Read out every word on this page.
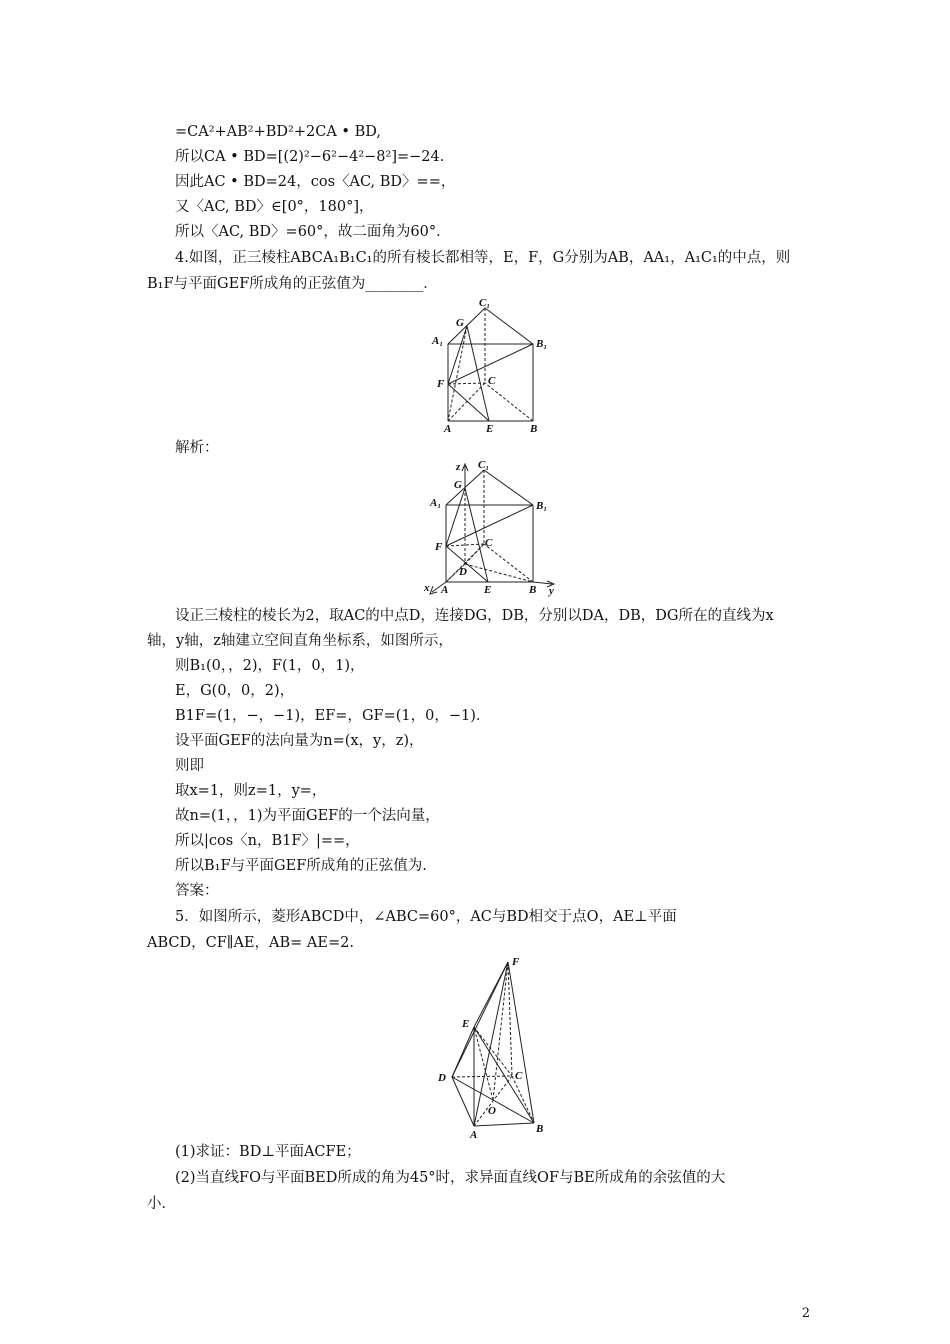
=CA²+AB²+BD²+2CA • BD,
所以CA • BD=[(2)²−6²−4²−8²]=−24.
因此AC • BD=24，cos〈AC, BD〉==，
又〈AC, BD〉∈[0°，180°]，
所以〈AC, BD〉=60°，故二面角为60°．
4.如图，正三棱柱ABCA₁B₁C₁的所有棱长都相等，E，F，G分别为AB，AA₁，A₁C₁的中点，则
B₁F与平面GEF所成角的正弦值为________．
C₁
G
A₁	B₁
F	C
A	E	B
解析：
z C₁
G
A₁	B₁
F	C
D
x A	E	B y
设正三棱柱的棱长为2，取AC的中点D，连接DG，DB，分别以DA，DB，DG所在的直线为x
轴，y轴，z轴建立空间直角坐标系，如图所示，
则B₁(0，，2)，F(1，0，1)，
E，G(0，0，2)，
B1F=(1，−，−1)，EF=，GF=(1，0，−1)．
设平面GEF的法向量为n=(x，y，z)，
则即
取x=1，则z=1，y=，
故n=(1，，1)为平面GEF的一个法向量，
所以|cos〈n，B1F〉|==，
所以B₁F与平面GEF所成角的正弦值为.
答案：
5．如图所示，菱形ABCD中，∠ABC=60°，AC与BD相交于点O，AE⊥平面
ABCD，CF∥AE，AB= AE=2.
F
E
D	C
O
A	B
(1)求证：BD⊥平面ACFE；
(2)当直线FO与平面BED所成的角为45°时，求异面直线OF与BE所成角的余弦值的大
小．
2
